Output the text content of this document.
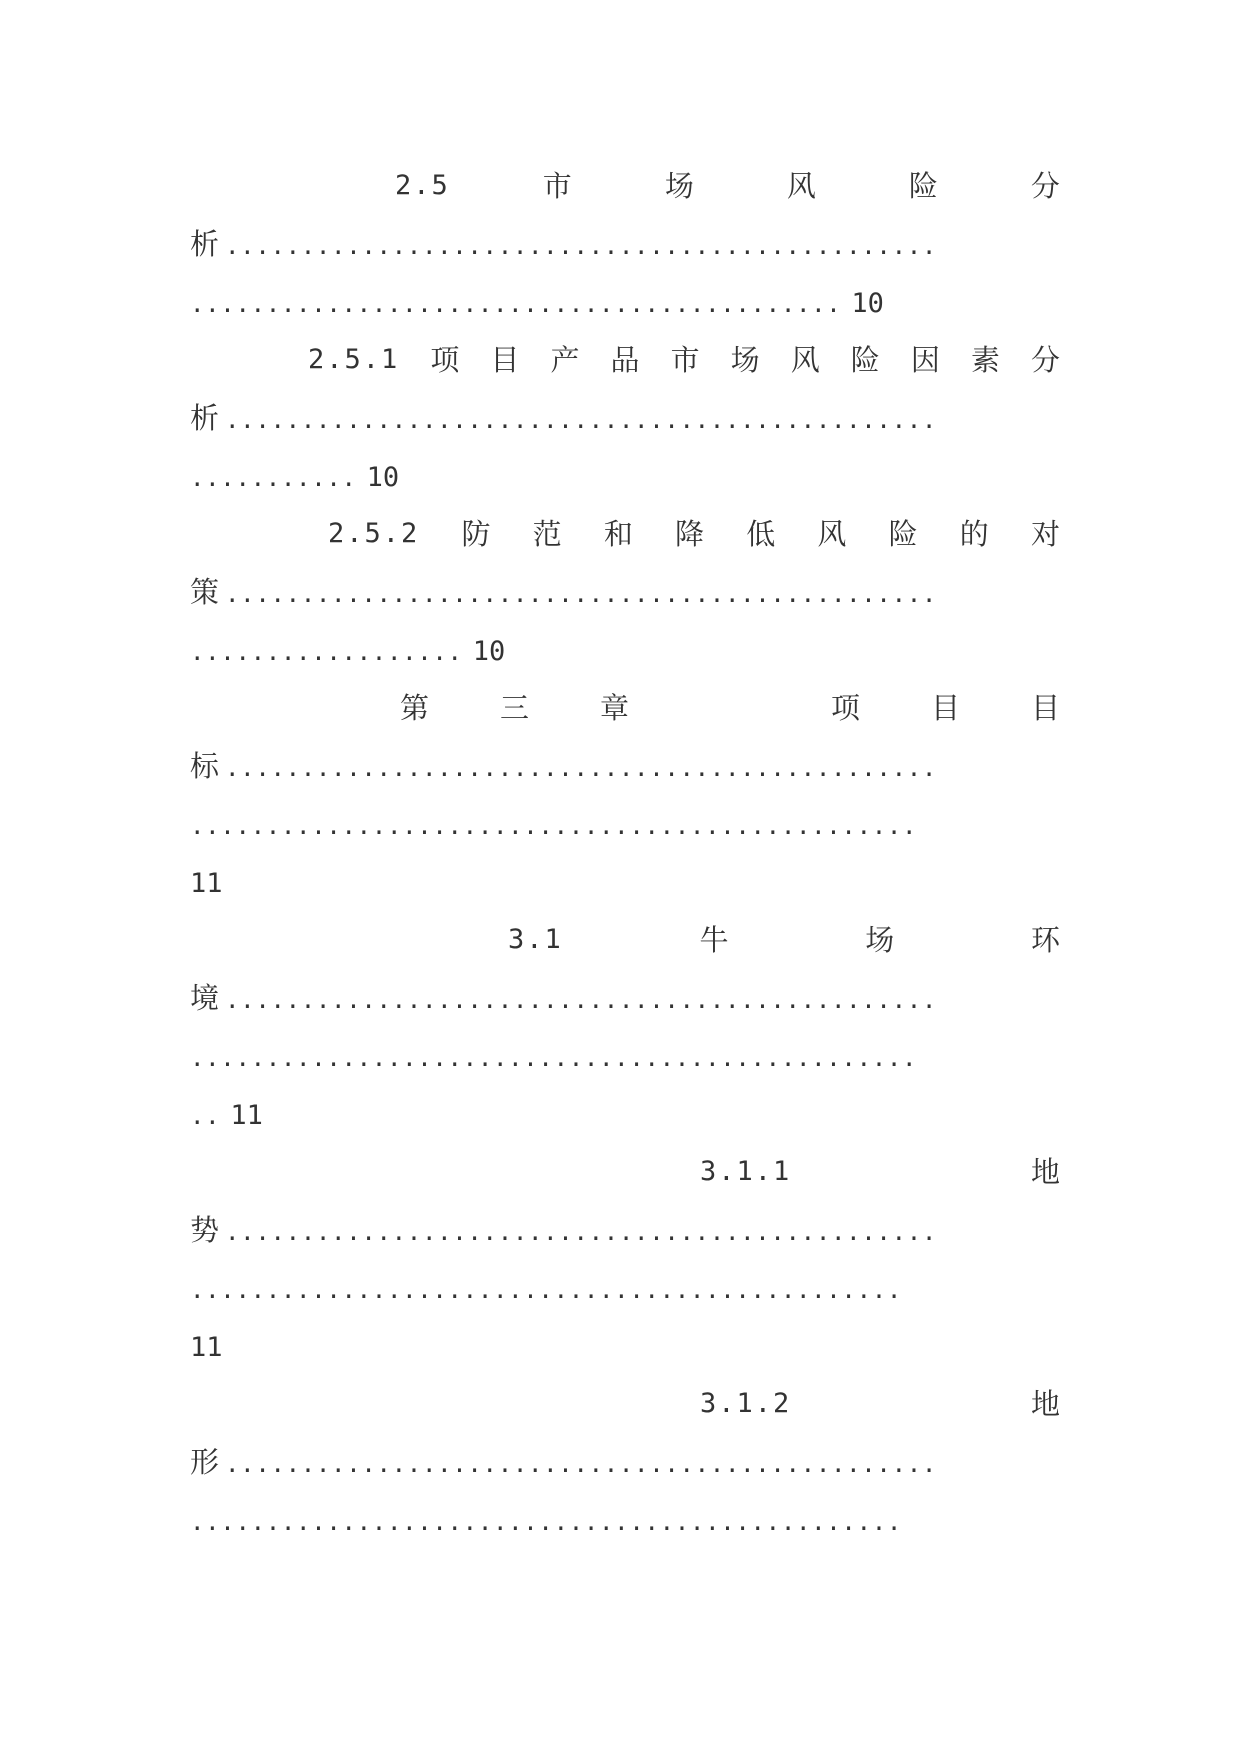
2.5	市	场	风	险	分
析 ...............................................
........................................... 10
2.5.1 项 目 产 品 市 场 风 险 因 素 分
析 ...............................................
........... 10
2.5.2 防 范 和 降 低 风 险 的 对
策 ...............................................
.................. 10
第 三 章	项 目 目
标 ...............................................
................................................
11
3.1	牛	场	环
境 ...............................................
................................................
.. 11
3.1.1	地
势 ...............................................
...............................................
11
3.1.2	地
形 ...............................................
...............................................
